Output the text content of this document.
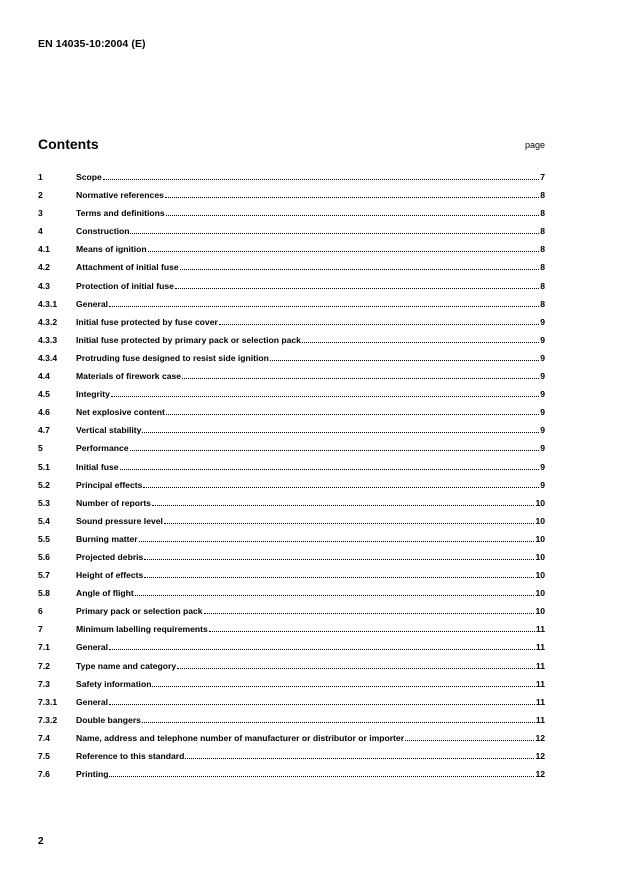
EN 14035-10:2004 (E)
Contents	page
1	Scope	7
2	Normative references	8
3	Terms and definitions	8
4	Construction	8
4.1	Means of ignition	8
4.2	Attachment of initial fuse	8
4.3	Protection of initial fuse	8
4.3.1	General	8
4.3.2	Initial fuse protected by fuse cover	9
4.3.3	Initial fuse protected by primary pack or selection pack	9
4.3.4	Protruding fuse designed to resist side ignition	9
4.4	Materials of firework case	9
4.5	Integrity	9
4.6	Net explosive content	9
4.7	Vertical stability	9
5	Performance	9
5.1	Initial fuse	9
5.2	Principal effects	9
5.3	Number of reports	10
5.4	Sound pressure level	10
5.5	Burning matter	10
5.6	Projected debris	10
5.7	Height of effects	10
5.8	Angle of flight	10
6	Primary pack or selection pack	10
7	Minimum labelling requirements	11
7.1	General	11
7.2	Type name and category	11
7.3	Safety information	11
7.3.1	General	11
7.3.2	Double bangers	11
7.4	Name, address and telephone number of manufacturer or distributor or importer	12
7.5	Reference to this standard	12
7.6	Printing	12
2
